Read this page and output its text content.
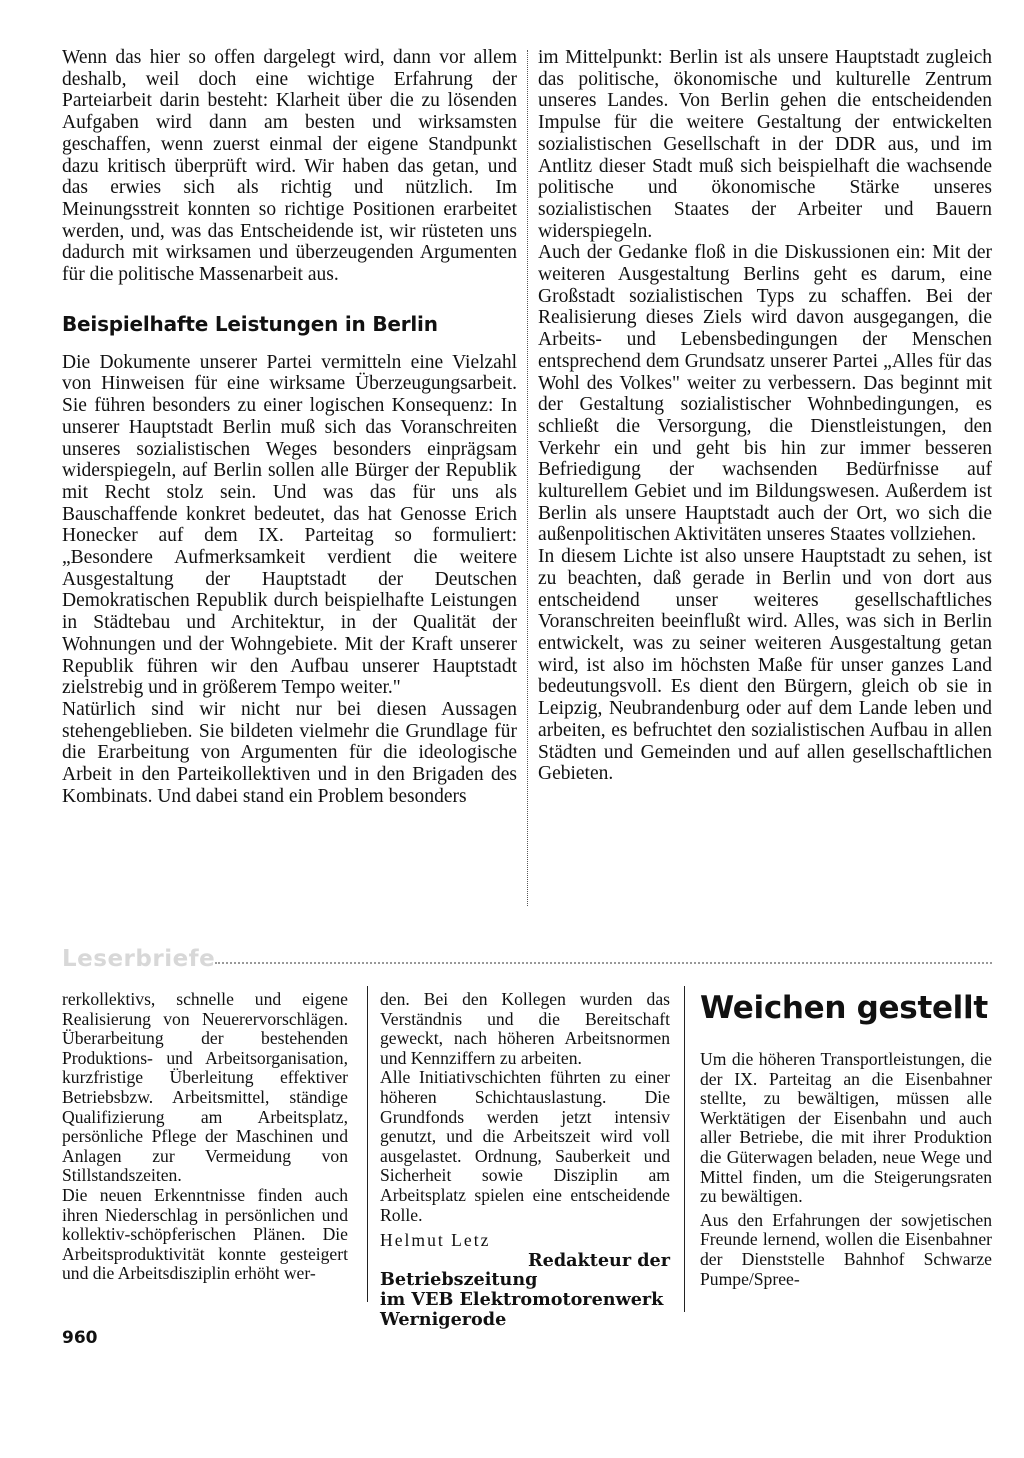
Wenn das hier so offen dargelegt wird, dann vor allem deshalb, weil doch eine wichtige Erfahrung der Parteiarbeit darin besteht: Klarheit über die zu lösenden Aufgaben wird dann am besten und wirksamsten geschaffen, wenn zuerst einmal der eigene Standpunkt dazu kritisch überprüft wird. Wir haben das getan, und das erwies sich als richtig und nützlich. Im Meinungsstreit konnten so richtige Positionen erarbeitet werden, und, was das Entscheidende ist, wir rüsteten uns dadurch mit wirksamen und überzeugenden Argumenten für die politische Massenarbeit aus.

Beispielhafte Leistungen in Berlin

Die Dokumente unserer Partei vermitteln eine Vielzahl von Hinweisen für eine wirksame Überzeugungsarbeit. Sie führen besonders zu einer logischen Konsequenz: In unserer Hauptstadt Berlin muß sich das Voranschreiten unseres sozialistischen Weges besonders einprägsam widerspiegeln, auf Berlin sollen alle Bürger der Republik mit Recht stolz sein. Und was das für uns als Bauschaffende konkret bedeutet, das hat Genosse Erich Honecker auf dem IX. Parteitag so formuliert: „Besondere Aufmerksamkeit verdient die weitere Ausgestaltung der Hauptstadt der Deutschen Demokratischen Republik durch beispielhafte Leistungen in Städtebau und Architektur, in der Qualität der Wohnungen und der Wohngebiete. Mit der Kraft unserer Republik führen wir den Aufbau unserer Hauptstadt zielstrebig und in größerem Tempo weiter."

Natürlich sind wir nicht nur bei diesen Aussagen stehengeblieben. Sie bildeten vielmehr die Grundlage für die Erarbeitung von Argumenten für die ideologische Arbeit in den Parteikollektiven und in den Brigaden des Kombinats. Und dabei stand ein Problem besonders

im Mittelpunkt: Berlin ist als unsere Hauptstadt zugleich das politische, ökonomische und kulturelle Zentrum unseres Landes. Von Berlin gehen die entscheidenden Impulse für die weitere Gestaltung der entwickelten sozialistischen Gesellschaft in der DDR aus, und im Antlitz dieser Stadt muß sich beispielhaft die wachsende politische und ökonomische Stärke unseres sozialistischen Staates der Arbeiter und Bauern widerspiegeln.

Auch der Gedanke floß in die Diskussionen ein: Mit der weiteren Ausgestaltung Berlins geht es darum, eine Großstadt sozialistischen Typs zu schaffen. Bei der Realisierung dieses Ziels wird davon ausgegangen, die Arbeits- und Lebensbedingungen der Menschen entsprechend dem Grundsatz unserer Partei „Alles für das Wohl des Volkes" weiter zu verbessern. Das beginnt mit der Gestaltung sozialistischer Wohnbedingungen, es schließt die Versorgung, die Dienstleistungen, den Verkehr ein und geht bis hin zur immer besseren Befriedigung der wachsenden Bedürfnisse auf kulturellem Gebiet und im Bildungswesen. Außerdem ist Berlin als unsere Hauptstadt auch der Ort, wo sich die außenpolitischen Aktivitäten unseres Staates vollziehen.

In diesem Lichte ist also unsere Hauptstadt zu sehen, ist zu beachten, daß gerade in Berlin und von dort aus entscheidend unser weiteres gesellschaftliches Voranschreiten beeinflußt wird. Alles, was sich in Berlin entwickelt, was zu seiner weiteren Ausgestaltung getan wird, ist also im höchsten Maße für unser ganzes Land bedeutungsvoll. Es dient den Bürgern, gleich ob sie in Leipzig, Neubrandenburg oder auf dem Lande leben und arbeiten, es befruchtet den sozialistischen Aufbau in allen Städten und Gemeinden und auf allen gesellschaftlichen Gebieten.

Leserbriefe

rerkollektivs, schnelle und eigene Realisierung von Neuerervorschlägen. Überarbeitung der bestehenden Produktions- und Arbeitsorganisation, kurzfristige Überleitung effektiver Betriebsbzw. Arbeitsmittel, ständige Qualifizierung am Arbeitsplatz, persönliche Pflege der Maschinen und Anlagen zur Vermeidung von Stillstandszeiten.

Die neuen Erkenntnisse finden auch ihren Niederschlag in persönlichen und kollektiv-schöpferischen Plänen. Die Arbeitsproduktivität konnte gesteigert und die Arbeitsdisziplin erhöht wer-

den. Bei den Kollegen wurden das Verständnis und die Bereitschaft geweckt, nach höheren Arbeitsnormen und Kennziffern zu arbeiten.

Alle Initiativschichten führten zu einer höheren Schichtauslastung. Die Grundfonds werden jetzt intensiv genutzt, und die Arbeitszeit wird voll ausgelastet. Ordnung, Sauberkeit und Sicherheit sowie Disziplin am Arbeitsplatz spielen eine entscheidende Rolle.

Helmut Letz

Redakteur der Betriebszeitung

im VEB Elektromotorenwerk

Wernigerode

Weichen gestellt

Um die höheren Transportleistungen, die der IX. Parteitag an die Eisenbahner stellte, zu bewältigen, müssen alle Werktätigen der Eisenbahn und auch aller Betriebe, die mit ihrer Produktion die Güterwagen beladen, neue Wege und Mittel finden, um die Steigerungsraten zu bewältigen.

Aus den Erfahrungen der sowjetischen Freunde lernend, wollen die Eisenbahner der Dienststelle Bahnhof Schwarze Pumpe/Spree-

960
